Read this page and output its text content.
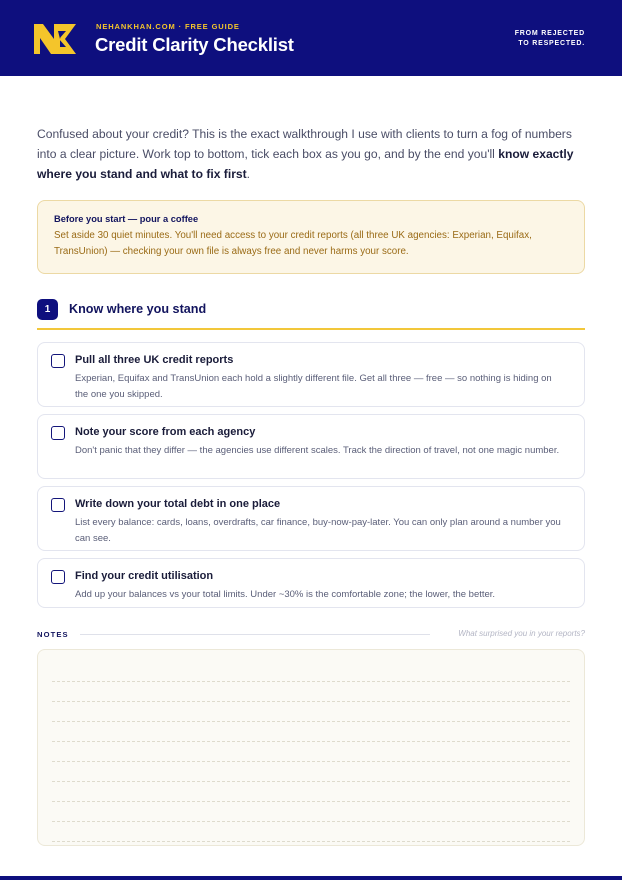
NEHANKHAN.COM · FREE GUIDE
Credit Clarity Checklist
FROM REJECTED
TO RESPECTED.

Confused about your credit? This is the exact walkthrough I use with clients to turn a fog of numbers into a clear picture. Work top to bottom, tick each box as you go, and by the end you'll know exactly where you stand and what to fix first.

Before you start — pour a coffee
Set aside 30 quiet minutes. You'll need access to your credit reports (all three UK agencies: Experian, Equifax, TransUnion) — checking your own file is always free and never harms your score.
1	Know where you stand
Pull all three UK credit reports
Experian, Equifax and TransUnion each hold a slightly different file. Get all three — free — so nothing is hiding on the one you skipped.
Note your score from each agency
Don't panic that they differ — the agencies use different scales. Track the direction of travel, not one magic number.
Write down your total debt in one place
List every balance: cards, loans, overdrafts, car finance, buy-now-pay-later. You can only plan around a number you can see.
Find your credit utilisation
Add up your balances vs your total limits. Under ~30% is the comfortable zone; the lower, the better.
NOTES	What surprised you in your reports?
